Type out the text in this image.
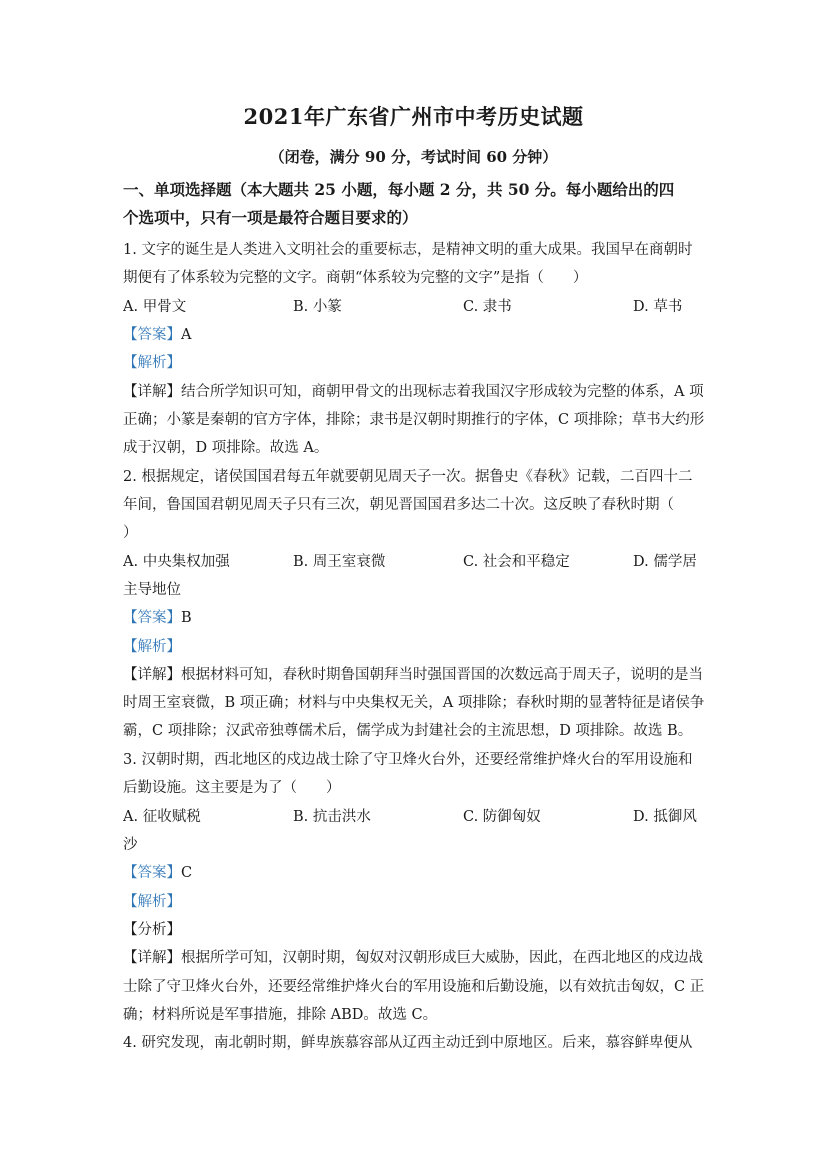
2021年广东省广州市中考历史试题
（闭卷，满分 90 分，考试时间 60 分钟）
一、单项选择题（本大题共 25 小题，每小题 2 分，共 50 分。每小题给出的四
个选项中，只有一项是最符合题目要求的）
1. 文字的诞生是人类进入文明社会的重要标志，是精神文明的重大成果。我国早在商朝时
期便有了体系较为完整的文字。商朝“体系较为完整的文字”是指（　　）
A. 甲骨文	B. 小篆	C. 隶书	D. 草书
【答案】A
【解析】
【详解】结合所学知识可知，商朝甲骨文的出现标志着我国汉字形成较为完整的体系，A 项
正确；小篆是秦朝的官方字体，排除；隶书是汉朝时期推行的字体，C 项排除；草书大约形
成于汉朝，D 项排除。故选 A。
2. 根据规定，诸侯国国君每五年就要朝见周天子一次。据鲁史《春秋》记载，二百四十二
年间，鲁国国君朝见周天子只有三次，朝见晋国国君多达二十次。这反映了春秋时期（
）
A. 中央集权加强	B. 周王室衰微	C. 社会和平稳定	D. 儒学居
主导地位
【答案】B
【解析】
【详解】根据材料可知，春秋时期鲁国朝拜当时强国晋国的次数远高于周天子，说明的是当
时周王室衰微，B 项正确；材料与中央集权无关，A 项排除；春秋时期的显著特征是诸侯争
霸，C 项排除；汉武帝独尊儒术后，儒学成为封建社会的主流思想，D 项排除。故选 B。
3. 汉朝时期，西北地区的戍边战士除了守卫烽火台外，还要经常维护烽火台的军用设施和
后勤设施。这主要是为了（　　）
A. 征收赋税	B. 抗击洪水	C. 防御匈奴	D. 抵御风
沙
【答案】C
【解析】
【分析】
【详解】根据所学可知，汉朝时期，匈奴对汉朝形成巨大威胁，因此，在西北地区的戍边战
士除了守卫烽火台外，还要经常维护烽火台的军用设施和后勤设施，以有效抗击匈奴，C 正
确；材料所说是军事措施，排除 ABD。故选 C。
4. 研究发现，南北朝时期，鲜卑族慕容部从辽西主动迁到中原地区。后来，慕容鲜卑便从
